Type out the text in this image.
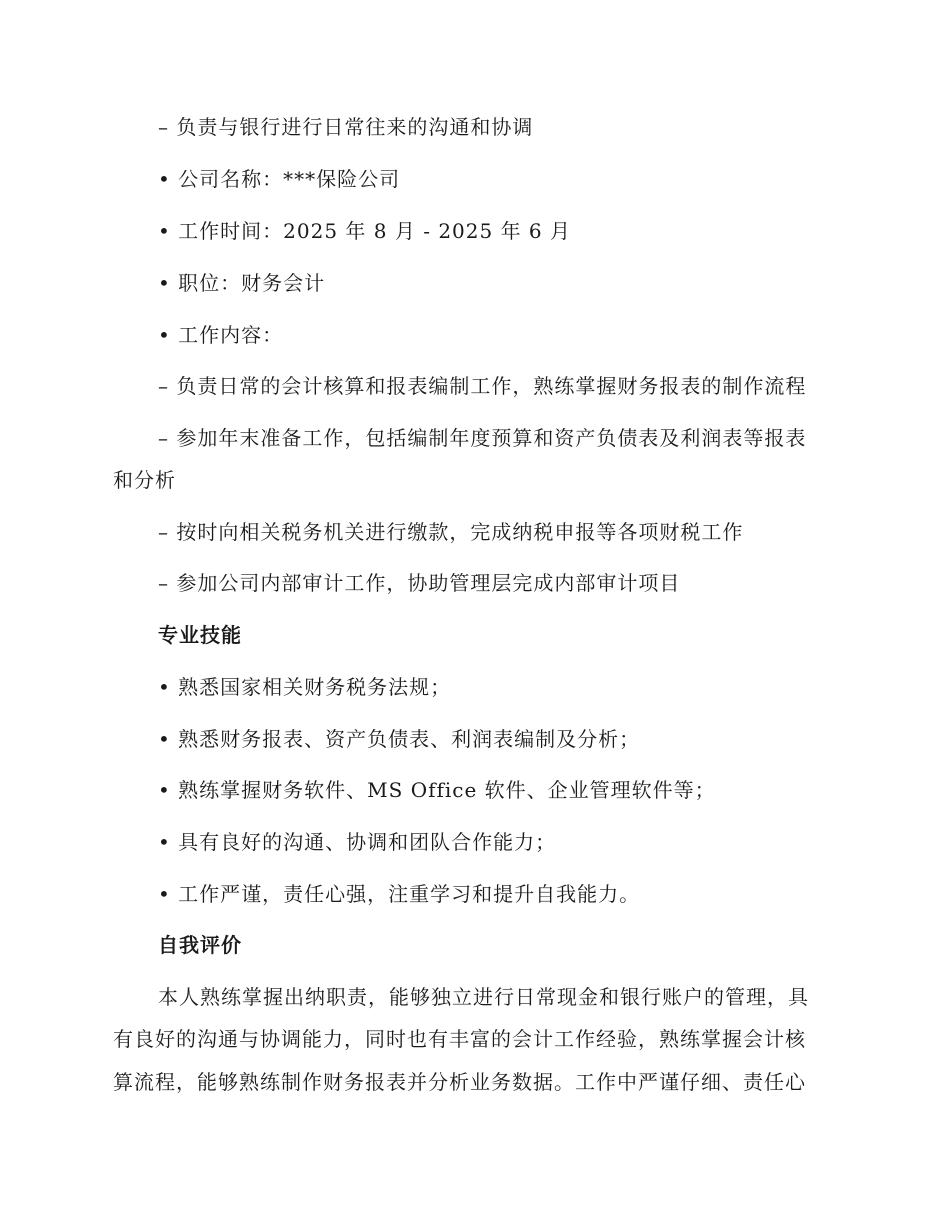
– 负责与银行进行日常往来的沟通和协调
• 公司名称：***保险公司
• 工作时间：2025 年 8 月 - 2025 年 6 月
• 职位：财务会计
• 工作内容：
– 负责日常的会计核算和报表编制工作，熟练掌握财务报表的制作流程
– 参加年末准备工作，包括编制年度预算和资产负债表及利润表等报表
和分析
– 按时向相关税务机关进行缴款，完成纳税申报等各项财税工作
– 参加公司内部审计工作，协助管理层完成内部审计项目
专业技能
• 熟悉国家相关财务税务法规；
• 熟悉财务报表、资产负债表、利润表编制及分析；
• 熟练掌握财务软件、MS Office 软件、企业管理软件等；
• 具有良好的沟通、协调和团队合作能力；
• 工作严谨，责任心强，注重学习和提升自我能力。
自我评价
本人熟练掌握出纳职责，能够独立进行日常现金和银行账户的管理，具
有良好的沟通与协调能力，同时也有丰富的会计工作经验，熟练掌握会计核
算流程，能够熟练制作财务报表并分析业务数据。工作中严谨仔细、责任心
